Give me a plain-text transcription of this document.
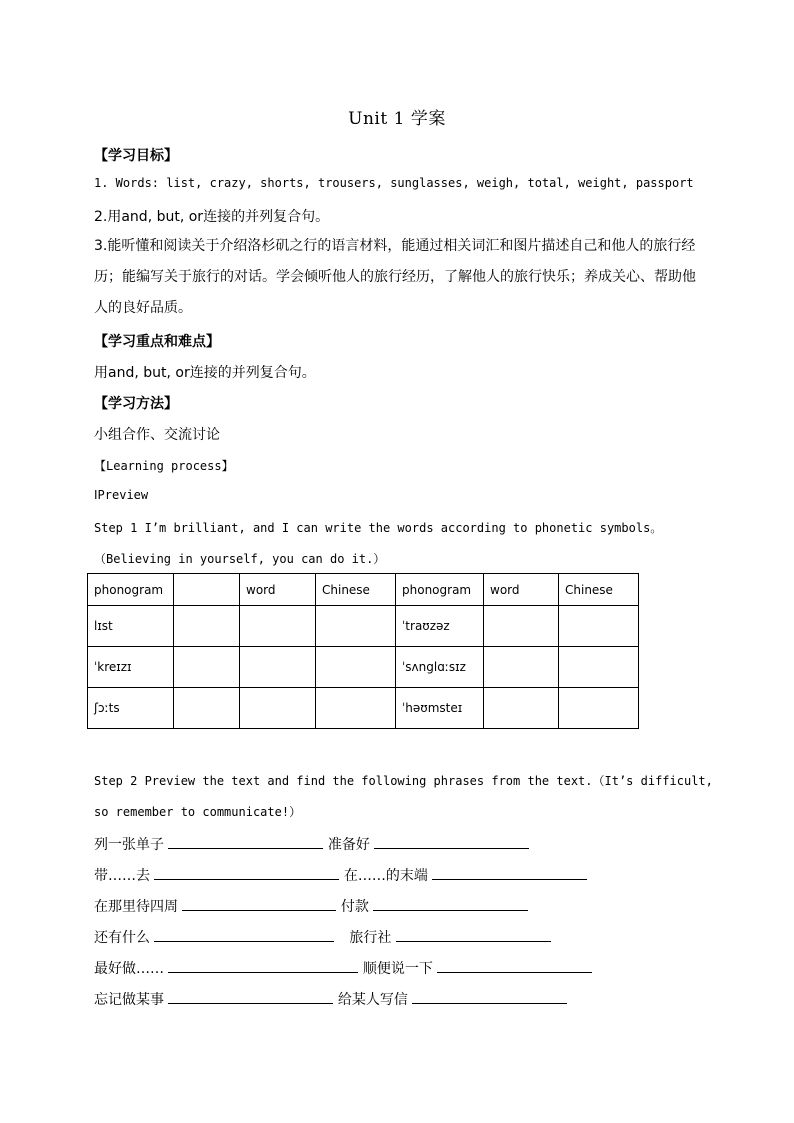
Unit 1 学案
【学习目标】
1. Words: list, crazy, shorts, trousers, sunglasses, weigh, total, weight, passport
2.用and, but, or连接的并列复合句。
3.能听懂和阅读关于介绍洛杉矶之行的语言材料，能通过相关词汇和图片描述自己和他人的旅行经历；能编写关于旅行的对话。学会倾听他人的旅行经历，了解他人的旅行快乐；养成关心、帮助他人的良好品质。
【学习重点和难点】
用and, but, or连接的并列复合句。
【学习方法】
小组合作、交流讨论
【Learning process】
ⅠPreview
Step 1 I’m brilliant, and I can write the words according to phonetic symbols。
（Believing in yourself, you can do it.）
phonogram		word	Chinese	phonogram	word	Chinese
lɪst				ˈtraʊzəz		
ˈkreɪzɪ				ˈsʌnglɑːsɪz		
ʃɔːts				ˈhəʊmsteɪ		
Step 2 Preview the text and find the following phrases from the text.（It’s difficult,
so remember to communicate!）
列一张单子	准备好
带……去	在……的末端
在那里待四周	付款
还有什么	旅行社
最好做……	顺便说一下
忘记做某事	给某人写信
